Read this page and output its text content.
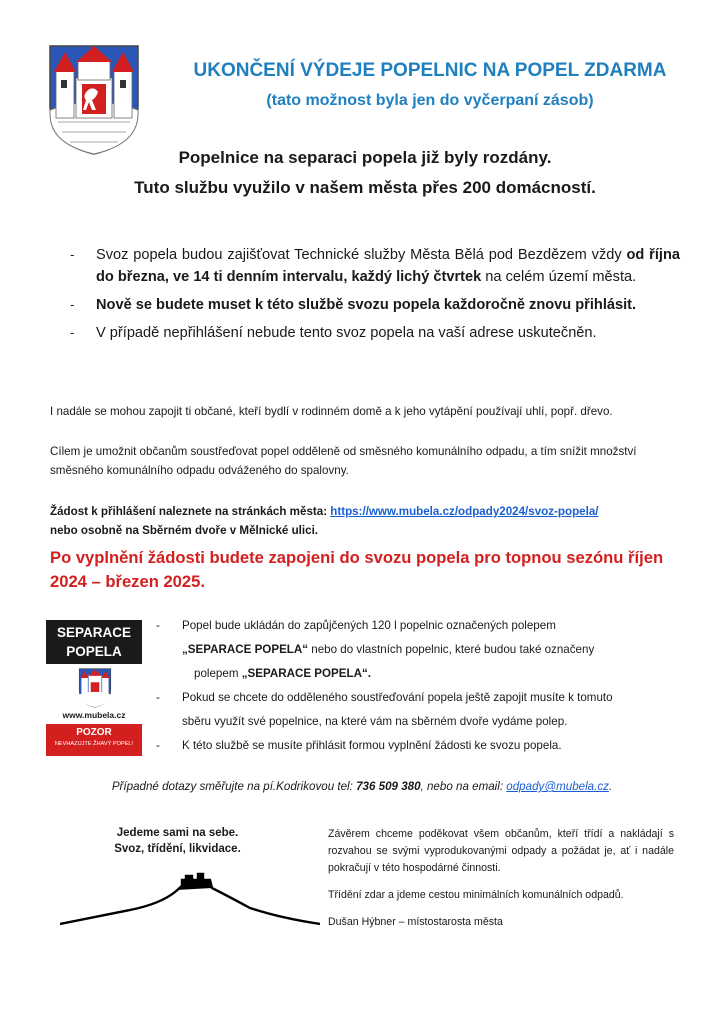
UKONČENÍ VÝDEJE POPELNIC NA POPEL ZDARMA
(tato možnost byla jen do vyčerpaní zásob)
Popelnice na separaci popela již byly rozdány.
Tuto službu využilo v našem města přes 200 domácností.
-	Svoz popela budou zajišťovat Technické služby Města Bělá pod Bezdězem vždy od října do března, ve 14 ti denním intervalu, každý lichý čtvrtek na celém území města.
-	Nově se budete muset k této službě svozu popela každoročně znovu přihlásit.
-	V případě nepřihlášení nebude tento svoz popela na vaší adrese uskutečněn.
I nadále se mohou zapojit ti občané, kteří bydlí v rodinném domě a k jeho vytápění používají uhlí, popř. dřevo.
Cílem je umožnit občanům soustřeďovat popel odděleně od směsného komunálního odpadu, a tím snížit množství směsného komunálního odpadu odváženého do spalovny.
Žádost k přihlášení naleznete na stránkách města: https://www.mubela.cz/odpady2024/svoz-popela/
nebo osobně na Sběrném dvoře v Mělnické ulici.
Po vyplnění žádosti budete zapojeni do svozu popela pro topnou sezónu říjen 2024 – březen 2025.
SEPARACE
POPELA
www.mubela.cz
POZOR
NEVHAZUJTE ŽHAVÝ POPEL!
-	Popel bude ukládán do zapůjčených 120 l popelnic označených polepem
„SEPARACE POPELA“ nebo do vlastních popelnic, které budou také označeny
polepem „SEPARACE POPELA“.
-	Pokud se chcete do odděleného soustřeďování popela ještě zapojit musíte k tomuto
sběru využít své popelnice, na které vám na sběrném dvoře vydáme polep.
-	K této službě se musíte přihlásit formou vyplnění žádosti ke svozu popela.
Případné dotazy směřujte na pí.Kodrikovou tel: 736 509 380, nebo na email: odpady@mubela.cz.
Jedeme sami na sebe.
Svoz, třídění, likvidace.

Závěrem chceme poděkovat všem občanům, kteří třídí a nakládají s rozvahou se svými vyprodukovanými odpady a požádat je, ať i nadále pokračují v této hospodárné činnosti.

Třídění zdar a jdeme cestou minimálních komunálních odpadů.

Dušan Hýbner – místostarosta města
